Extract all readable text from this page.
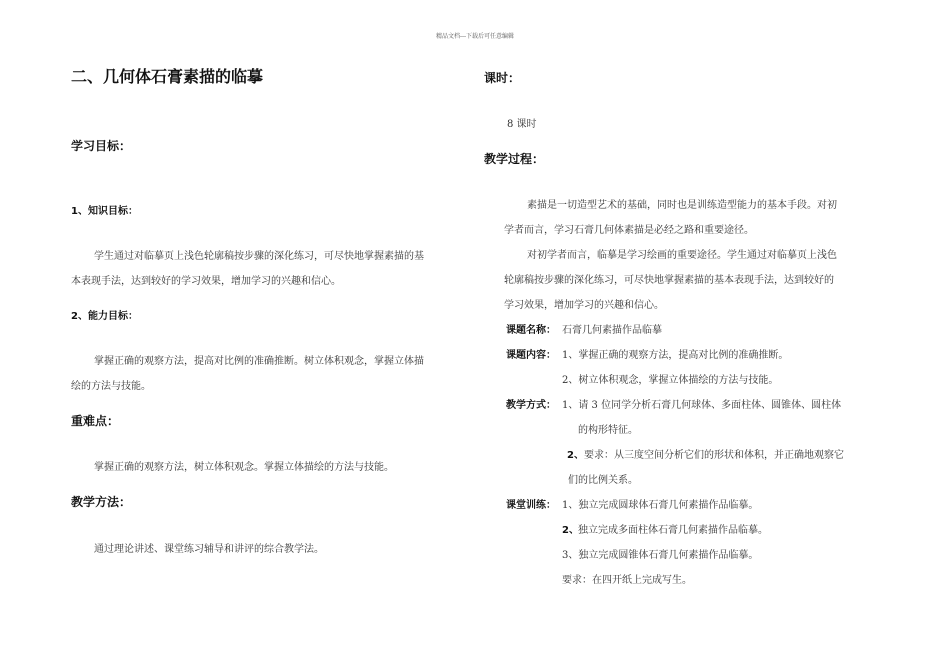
精品文档---下载后可任意编辑
二、几何体石膏素描的临摹
学习目标：
1、知识目标：
学生通过对临摹页上浅色轮廓稿按步骤的深化练习，可尽快地掌握素描的基
本表现手法，达到较好的学习效果，增加学习的兴趣和信心。
2、能力目标：
掌握正确的观察方法，提高对比例的准确推断。树立体积观念，掌握立体描
绘的方法与技能。
重难点：
掌握正确的观察方法，树立体积观念。掌握立体描绘的方法与技能。
教学方法：
通过理论讲述、课堂练习辅导和讲评的综合教学法。
课时：
8 课时
教学过程：
素描是一切造型艺术的基础，同时也是训练造型能力的基本手段。对初
学者而言，学习石膏几何体素描是必经之路和重要途径。
对初学者而言，临摹是学习绘画的重要途径。学生通过对临摹页上浅色
轮廓稿按步骤的深化练习，可尽快地掌握素描的基本表现手法，达到较好的
学习效果，增加学习的兴趣和信心。
课题名称： 石膏几何素描作品临摹
课题内容： 1、掌握正确的观察方法，提高对比例的准确推断。
2、树立体积观念，掌握立体描绘的方法与技能。
教学方式： 1、请 3 位同学分析石膏几何球体、多面柱体、圆锥体、圆柱体
的构形特征。
2、 要求：从三度空间分析它们的形状和体积，并正确地观察它
们的比例关系。
课堂训练： 1、独立完成圆球体石膏几何素描作品临摹。
2、 独立完成多面柱体石膏几何素描作品临摹。
3、独立完成圆锥体石膏几何素描作品临摹。
要求：在四开纸上完成写生。
